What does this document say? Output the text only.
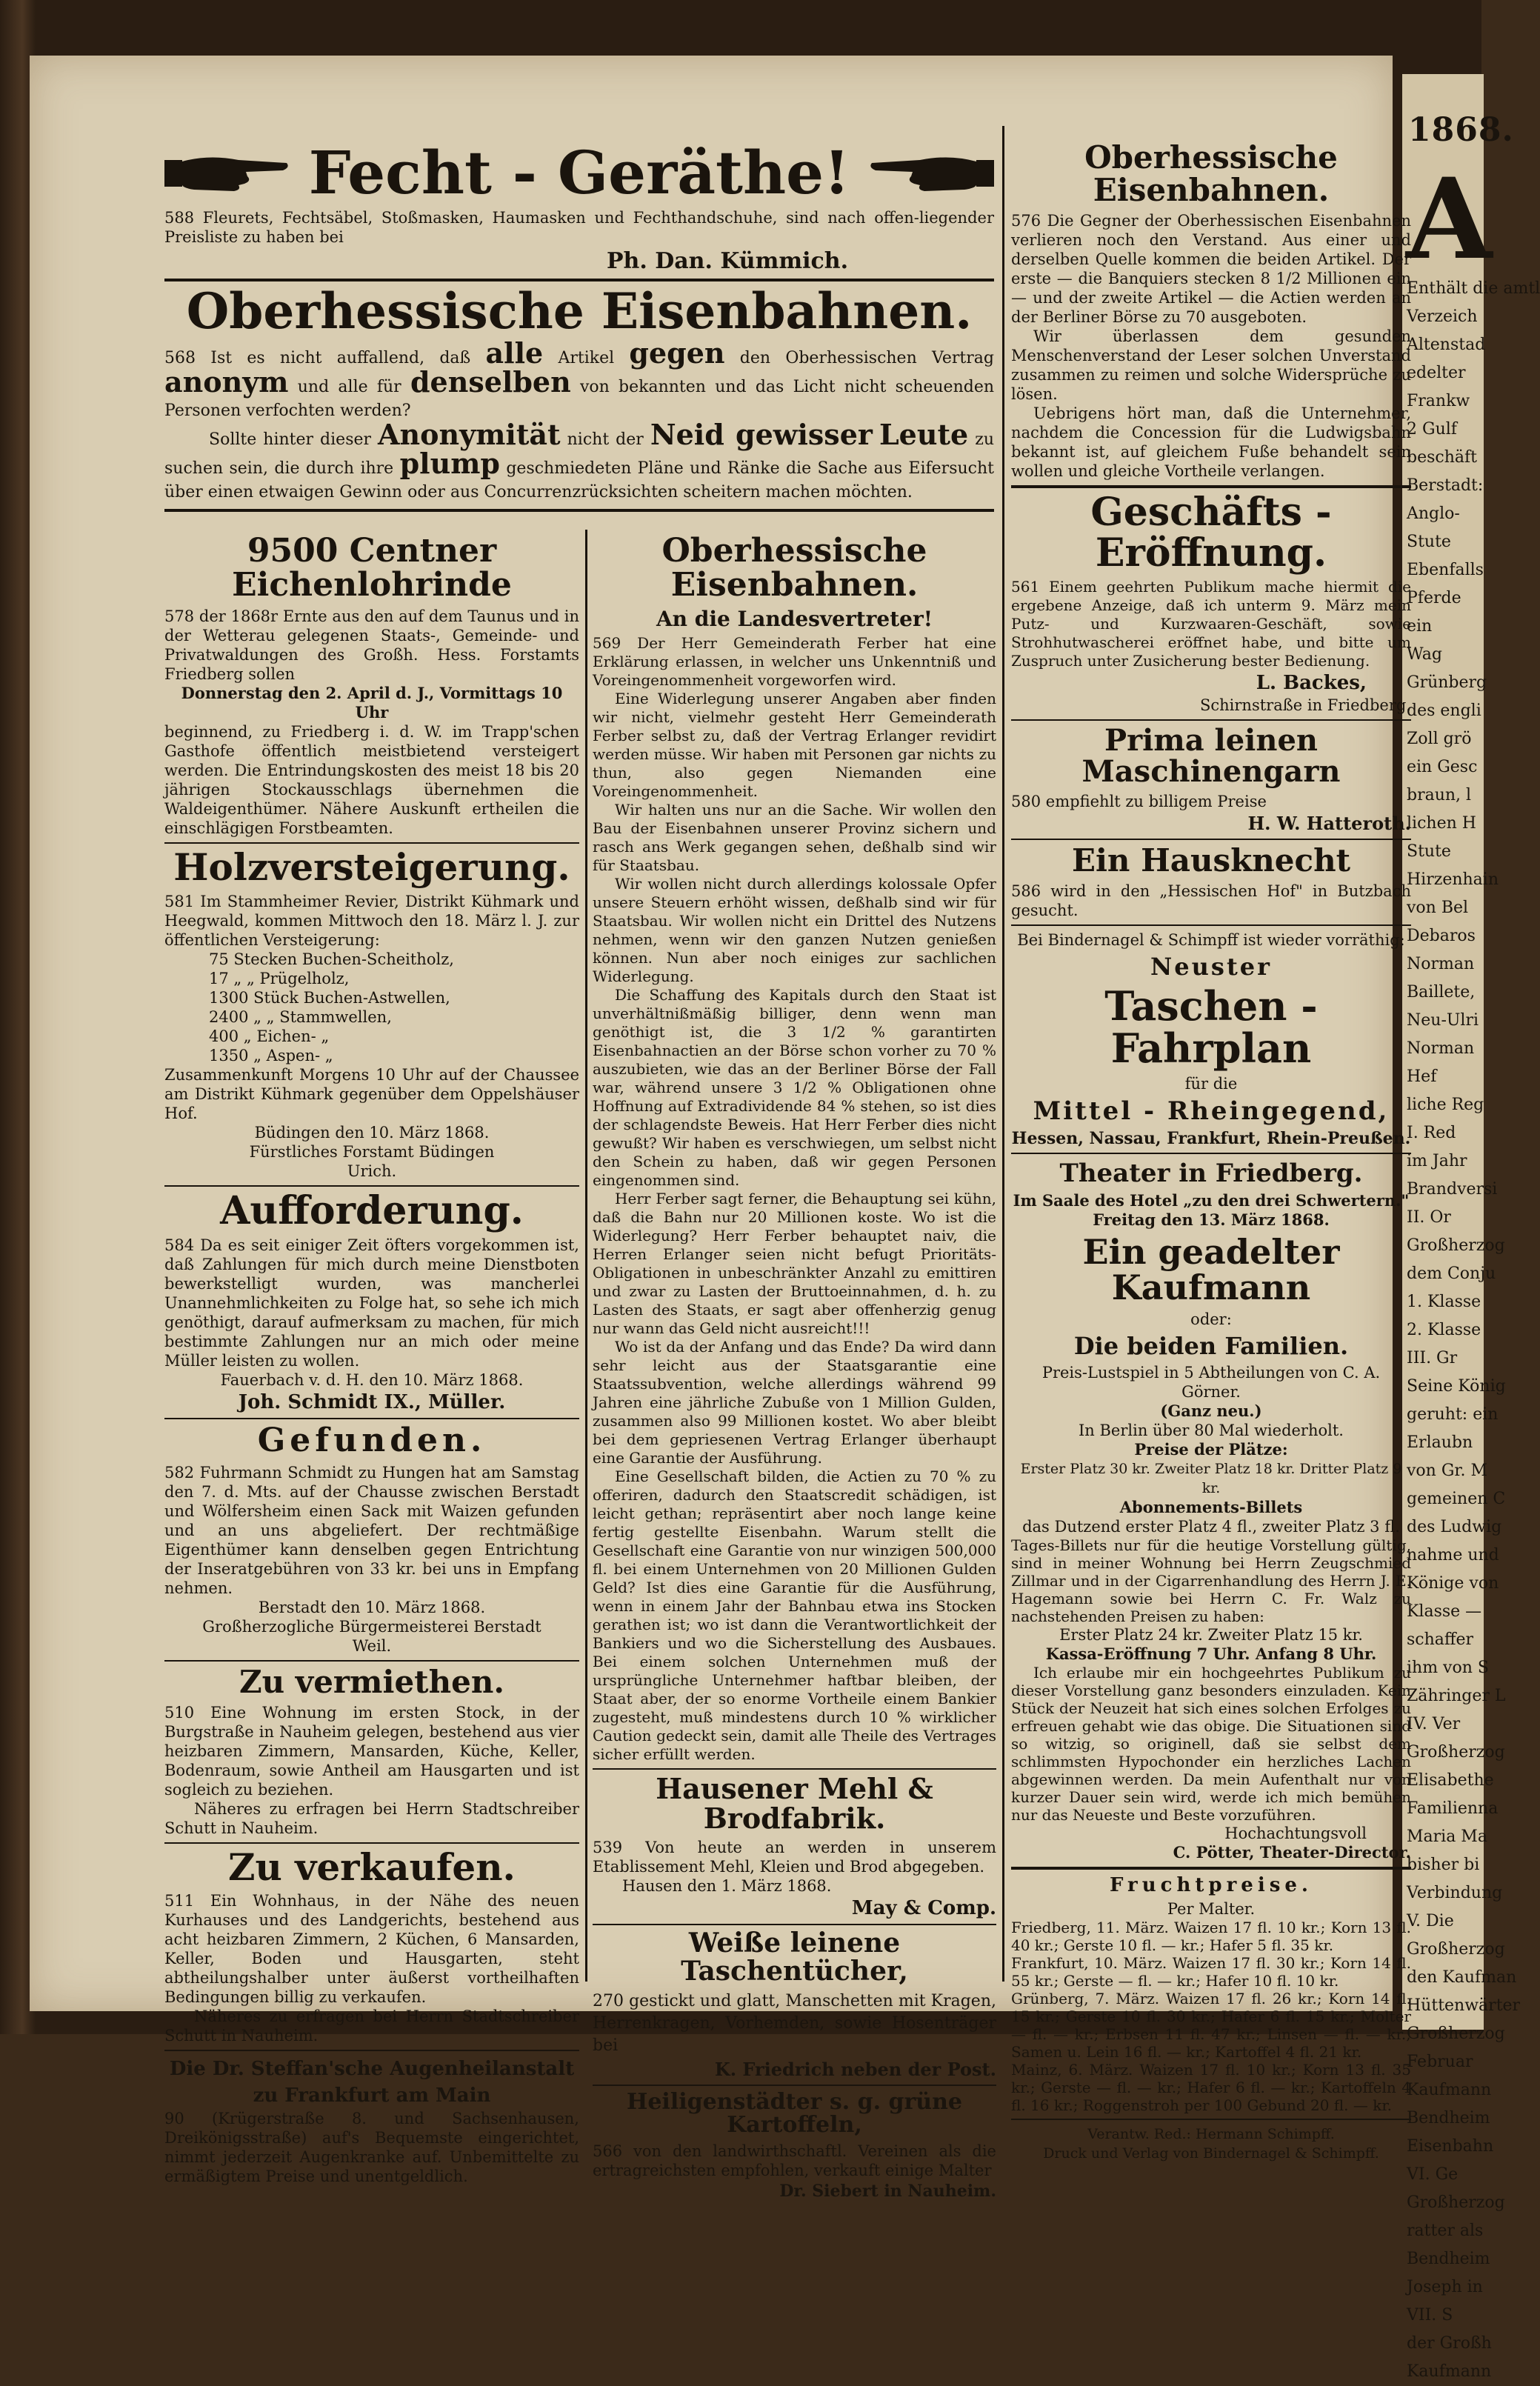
1868.
A
Enthält die amtl
Verzeich
Altenstad
edelter
Frankw
2 Gulf
beschäft
Berstadt:
Anglo-
Stute
Ebenfalls
Pferde
ein
Wag
Grünberg
des engli
Zoll grö
ein Gesc
braun, l
lichen H
Stute
Hirzenhain
von Bel
Debaros
Norman
Baillete,
Neu-Ulri
Norman
Hef
liche Reg
I. Red
im Jahr
Brandversi
II. Or
Großherzog
dem Conju
1. Klasse
2. Klasse
III. Gr
Seine König
geruht: ein
Erlaubn
von Gr. M
gemeinen C
des Ludwig
nahme und
Könige von
Klasse —
schaffer
ihm von S
Zähringer L
IV. Ver
Großherzog
Elisabethe
Familienna
Maria Ma
bisher bi
Verbindung
V. Die
Großherzog
den Kaufman
Hüttenwärter
Großherzog
Februar
Kaufmann
Bendheim
Eisenbahn
VI. Ge
Großherzog
ratter als
Bendheim
Joseph in
VII. S
der Großh
Kaufmann
Fecht - Geräthe!

588 Fleurets, Fechtsäbel, Stoßmasken, Haumasken und Fechthandschuhe, sind nach offen-liegender Preisliste zu haben bei

Ph. Dan. Kümmich.
Oberhessische Eisenbahnen.

568 Ist es nicht auffallend, daß alle Artikel gegen den Oberhessischen Vertrag anonym und alle für denselben von bekannten und das Licht nicht scheuenden Personen verfochten werden?

Sollte hinter dieser Anonymität nicht der Neid gewisser Leute zu suchen sein, die durch ihre plump geschmiedeten Pläne und Ränke die Sache aus Eifersucht über einen etwaigen Gewinn oder aus Concurrenzrücksichten scheitern machen möchten.

9500 Centner Eichenlohrinde

578 der 1868r Ernte aus den auf dem Taunus und in der Wetterau gelegenen Staats-, Gemeinde- und Privatwaldungen des Großh. Hess. Forstamts Friedberg sollen

Donnerstag den 2. April d. J., Vormittags 10 Uhr

beginnend, zu Friedberg i. d. W. im Trapp'schen Gasthofe öffentlich meistbietend versteigert werden. Die Entrindungskosten des meist 18 bis 20 jährigen Stockausschlags übernehmen die Waldeigenthümer. Nähere Auskunft ertheilen die einschlägigen Forstbeamten.

Holzversteigerung.

581 Im Stammheimer Revier, Distrikt Kühmark und Heegwald, kommen Mittwoch den 18. März l. J. zur öffentlichen Versteigerung:

75 Stecken Buchen-Scheitholz,
17 „ „ Prügelholz,
1300 Stück Buchen-Astwellen,
2400 „ „ Stammwellen,
400 „ Eichen- „
1350 „ Aspen- „

Zusammenkunft Morgens 10 Uhr auf der Chaussee am Distrikt Kühmark gegenüber dem Oppelshäuser Hof.

Büdingen den 10. März 1868.

Fürstliches Forstamt Büdingen

Urich.

Aufforderung.

584 Da es seit einiger Zeit öfters vorgekommen ist, daß Zahlungen für mich durch meine Dienstboten bewerkstelligt wurden, was mancherlei Unannehmlichkeiten zu Folge hat, so sehe ich mich genöthigt, darauf aufmerksam zu machen, für mich bestimmte Zahlungen nur an mich oder meine Müller leisten zu wollen.

Fauerbach v. d. H. den 10. März 1868.

Joh. Schmidt IX., Müller.
Gefunden.

582 Fuhrmann Schmidt zu Hungen hat am Samstag den 7. d. Mts. auf der Chausse zwischen Berstadt und Wölfersheim einen Sack mit Waizen gefunden und an uns abgeliefert. Der rechtmäßige Eigenthümer kann denselben gegen Entrichtung der Inseratgebühren von 33 kr. bei uns in Empfang nehmen.

Berstadt den 10. März 1868.

Großherzogliche Bürgermeisterei Berstadt

Weil.

Zu vermiethen.

510 Eine Wohnung im ersten Stock, in der Burgstraße in Nauheim gelegen, bestehend aus vier heizbaren Zimmern, Mansarden, Küche, Keller, Bodenraum, sowie Antheil am Hausgarten und ist sogleich zu beziehen.

Näheres zu erfragen bei Herrn Stadtschreiber Schutt in Nauheim.

Zu verkaufen.

511 Ein Wohnhaus, in der Nähe des neuen Kurhauses und des Landgerichts, bestehend aus acht heizbaren Zimmern, 2 Küchen, 6 Mansarden, Keller, Boden und Hausgarten, steht abtheilungshalber unter äußerst vortheilhaften Bedingungen billig zu verkaufen.

Näheres zu erfragen bei Herrn Stadtschreiber Schutt in Nauheim.

Die Dr. Steffan'sche Augenheilanstalt zu Frankfurt am Main

90 (Krügerstraße 8. und Sachsenhausen, Dreikönigsstraße) auf's Bequemste eingerichtet, nimmt jederzeit Augenkranke auf. Unbemittelte zu ermäßigtem Preise und unentgeldlich.

Oberhessische Eisenbahnen.
An die Landesvertreter!

569 Der Herr Gemeinderath Ferber hat eine Erklärung erlassen, in welcher uns Unkenntniß und Voreingenommenheit vorgeworfen wird.

Eine Widerlegung unserer Angaben aber finden wir nicht, vielmehr gesteht Herr Gemeinderath Ferber selbst zu, daß der Vertrag Erlanger revidirt werden müsse. Wir haben mit Personen gar nichts zu thun, also gegen Niemanden eine Voreingenommenheit.

Wir halten uns nur an die Sache. Wir wollen den Bau der Eisenbahnen unserer Provinz sichern und rasch ans Werk gegangen sehen, deßhalb sind wir für Staatsbau.

Wir wollen nicht durch allerdings kolossale Opfer unsere Steuern erhöht wissen, deßhalb sind wir für Staatsbau. Wir wollen nicht ein Drittel des Nutzens nehmen, wenn wir den ganzen Nutzen genießen können. Nun aber noch einiges zur sachlichen Widerlegung.

Die Schaffung des Kapitals durch den Staat ist unverhältnißmäßig billiger, denn wenn man genöthigt ist, die 3 1/2 % garantirten Eisenbahnactien an der Börse schon vorher zu 70 % auszubieten, wie das an der Berliner Börse der Fall war, während unsere 3 1/2 % Obligationen ohne Hoffnung auf Extradividende 84 % stehen, so ist dies der schlagendste Beweis. Hat Herr Ferber dies nicht gewußt? Wir haben es verschwiegen, um selbst nicht den Schein zu haben, daß wir gegen Personen eingenommen sind.

Herr Ferber sagt ferner, die Behauptung sei kühn, daß die Bahn nur 20 Millionen koste. Wo ist die Widerlegung? Herr Ferber behauptet naiv, die Herren Erlanger seien nicht befugt Prioritäts-Obligationen in unbeschränkter Anzahl zu emittiren und zwar zu Lasten der Bruttoeinnahmen, d. h. zu Lasten des Staats, er sagt aber offenherzig genug nur wann das Geld nicht ausreicht!!!

Wo ist da der Anfang und das Ende? Da wird dann sehr leicht aus der Staatsgarantie eine Staatssubvention, welche allerdings während 99 Jahren eine jährliche Zubuße von 1 Million Gulden, zusammen also 99 Millionen kostet. Wo aber bleibt bei dem gepriesenen Vertrag Erlanger überhaupt eine Garantie der Ausführung.

Eine Gesellschaft bilden, die Actien zu 70 % zu offeriren, dadurch den Staatscredit schädigen, ist leicht gethan; repräsentirt aber noch lange keine fertig gestellte Eisenbahn. Warum stellt die Gesellschaft eine Garantie von nur winzigen 500,000 fl. bei einem Unternehmen von 20 Millionen Gulden Geld? Ist dies eine Garantie für die Ausführung, wenn in einem Jahr der Bahnbau etwa ins Stocken gerathen ist; wo ist dann die Verantwortlichkeit der Bankiers und wo die Sicherstellung des Ausbaues. Bei einem solchen Unternehmen muß der ursprüngliche Unternehmer haftbar bleiben, der Staat aber, der so enorme Vortheile einem Bankier zugesteht, muß mindestens durch 10 % wirklicher Caution gedeckt sein, damit alle Theile des Vertrages sicher erfüllt werden.

Hausener Mehl & Brodfabrik.

539 Von heute an werden in unserem Etablissement Mehl, Kleien und Brod abgegeben.

Hausen den 1. März 1868.

May & Comp.
Weiße leinene Taschentücher,

270 gestickt und glatt, Manschetten mit Kragen, Herrenkragen, Vorhemden, sowie Hosenträger bei

K. Friedrich neben der Post.
Heiligenstädter s. g. grüne Kartoffeln,

566 von den landwirthschaftl. Vereinen als die ertragreichsten empfohlen, verkauft einige Malter

Dr. Siebert in Nauheim.
Oberhessische Eisenbahnen.

576 Die Gegner der Oberhessischen Eisenbahnen verlieren noch den Verstand. Aus einer und derselben Quelle kommen die beiden Artikel. Der erste — die Banquiers stecken 8 1/2 Millionen ein — und der zweite Artikel — die Actien werden an der Berliner Börse zu 70 ausgeboten.

Wir überlassen dem gesunden Menschenverstand der Leser solchen Unverstand zusammen zu reimen und solche Widersprüche zu lösen.

Uebrigens hört man, daß die Unternehmer, nachdem die Concession für die Ludwigsbahn bekannt ist, auf gleichem Fuße behandelt sein wollen und gleiche Vortheile verlangen.

Geschäfts - Eröffnung.

561 Einem geehrten Publikum mache hiermit die ergebene Anzeige, daß ich unterm 9. März mein Putz- und Kurzwaaren-Geschäft, sowie Strohhutwascherei eröffnet habe, und bitte um Zuspruch unter Zusicherung bester Bedienung.

L. Backes,

Schirnstraße in Friedberg.

Prima leinen Maschinengarn

580 empfiehlt zu billigem Preise

H. W. Hatteroth.
Ein Hausknecht

586 wird in den „Hessischen Hof" in Butzbach gesucht.

Bei Bindernagel & Schimpff ist wieder vorräthig:

Neuster
Taschen - Fahrplan

für die

Mittel - Rheingegend,

Hessen, Nassau, Frankfurt, Rhein-Preußen.

Theater in Friedberg.

Im Saale des Hotel „zu den drei Schwertern."

Freitag den 13. März 1868.

Ein geadelter Kaufmann

oder:

Die beiden Familien.

Preis-Lustspiel in 5 Abtheilungen von C. A. Görner.

(Ganz neu.)

In Berlin über 80 Mal wiederholt.

Preise der Plätze:

Erster Platz 30 kr. Zweiter Platz 18 kr. Dritter Platz 9 kr.

Abonnements-Billets

das Dutzend erster Platz 4 fl., zweiter Platz 3 fl.

Tages-Billets nur für die heutige Vorstellung gültig, sind in meiner Wohnung bei Herrn Zeugschmied Zillmar und in der Cigarrenhandlung des Herrn J. E. Hagemann sowie bei Herrn C. Fr. Walz zu nachstehenden Preisen zu haben:

Erster Platz 24 kr. Zweiter Platz 15 kr.

Kassa-Eröffnung 7 Uhr. Anfang 8 Uhr.

Ich erlaube mir ein hochgeehrtes Publikum zu dieser Vorstellung ganz besonders einzuladen. Kein Stück der Neuzeit hat sich eines solchen Erfolges zu erfreuen gehabt wie das obige. Die Situationen sind so witzig, so originell, daß sie selbst dem schlimmsten Hypochonder ein herzliches Lachen abgewinnen werden. Da mein Aufenthalt nur von kurzer Dauer sein wird, werde ich mich bemühen nur das Neueste und Beste vorzuführen.

Hochachtungsvoll

C. Pötter, Theater-Director.

Fruchtpreise.

Per Malter.

Friedberg, 11. März. Waizen 17 fl. 10 kr.; Korn 13 fl. 40 kr.; Gerste 10 fl. — kr.; Hafer 5 fl. 35 kr.

Frankfurt, 10. März. Waizen 17 fl. 30 kr.; Korn 14 fl. 55 kr.; Gerste — fl. — kr.; Hafer 10 fl. 10 kr.

Grünberg, 7. März. Waizen 17 fl. 26 kr.; Korn 14 fl. 15 kr.; Gerste 10 fl. 30 kr.; Hafer 6 fl. 15 kr.; Molter — fl. — kr.; Erbsen 11 fl. 47 kr.; Linsen — fl. — kr.; Samen u. Lein 16 fl. — kr.; Kartoffel 4 fl. 21 kr.

Mainz, 6. März. Waizen 17 fl. 10 kr.; Korn 13 fl. 35 kr.; Gerste — fl. — kr.; Hafer 6 fl. — kr.; Kartoffeln 4 fl. 16 kr.; Roggenstroh per 100 Gebund 20 fl. — kr.

Verantw. Red.: Hermann Schimpff.

Druck und Verlag von Bindernagel & Schimpff.
